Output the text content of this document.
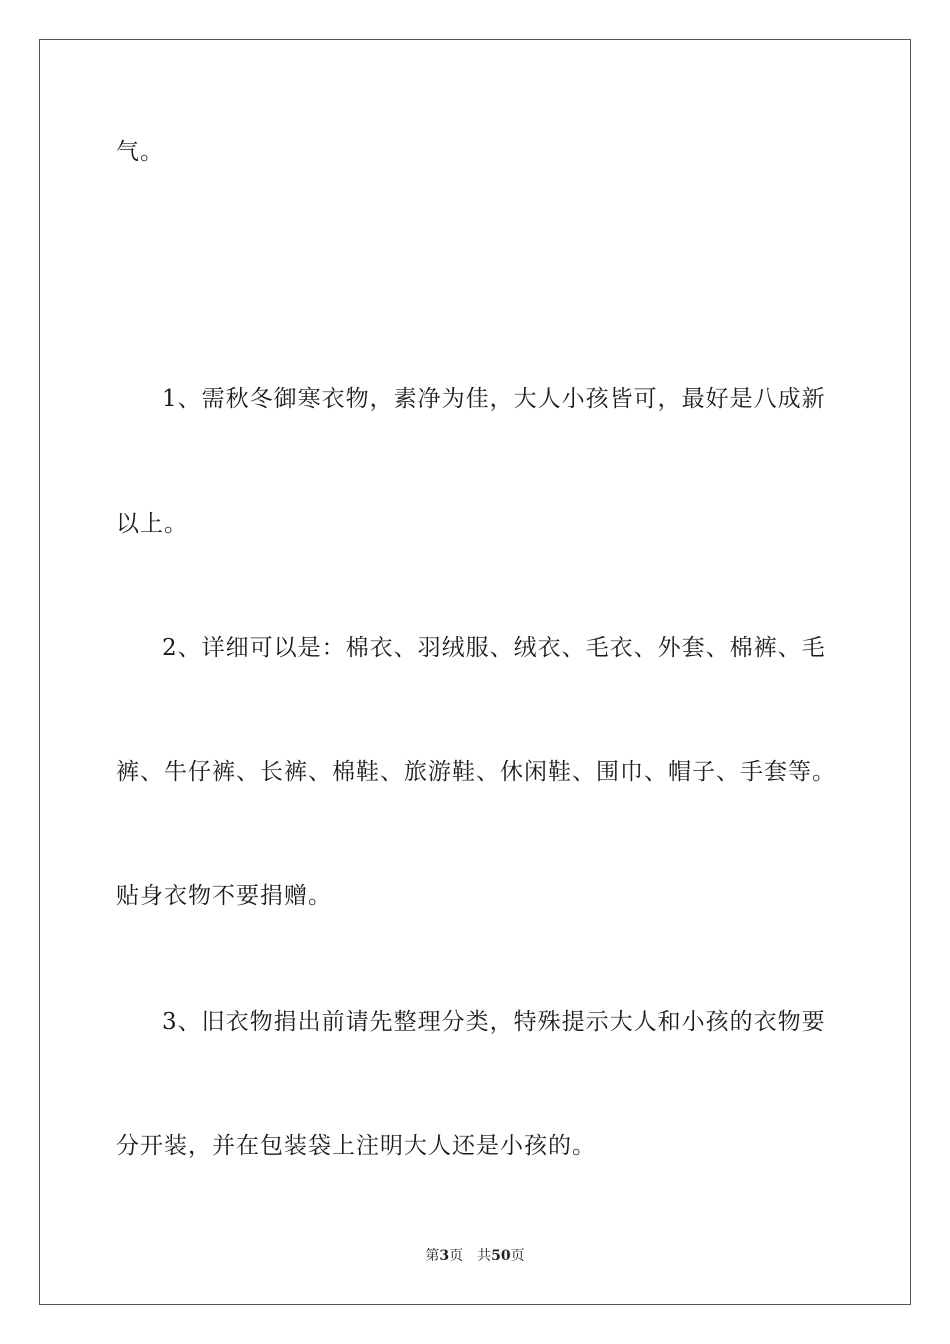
气。
1、需秋冬御寒衣物，素净为佳，大人小孩皆可，最好是八成新
以上。
2、详细可以是：棉衣、羽绒服、绒衣、毛衣、外套、棉裤、毛
裤、牛仔裤、长裤、棉鞋、旅游鞋、休闲鞋、围巾、帽子、手套等。
贴身衣物不要捐赠。
3、旧衣物捐出前请先整理分类，特殊提示大人和小孩的衣物要
分开装，并在包装袋上注明大人还是小孩的。
第3页 共50页
